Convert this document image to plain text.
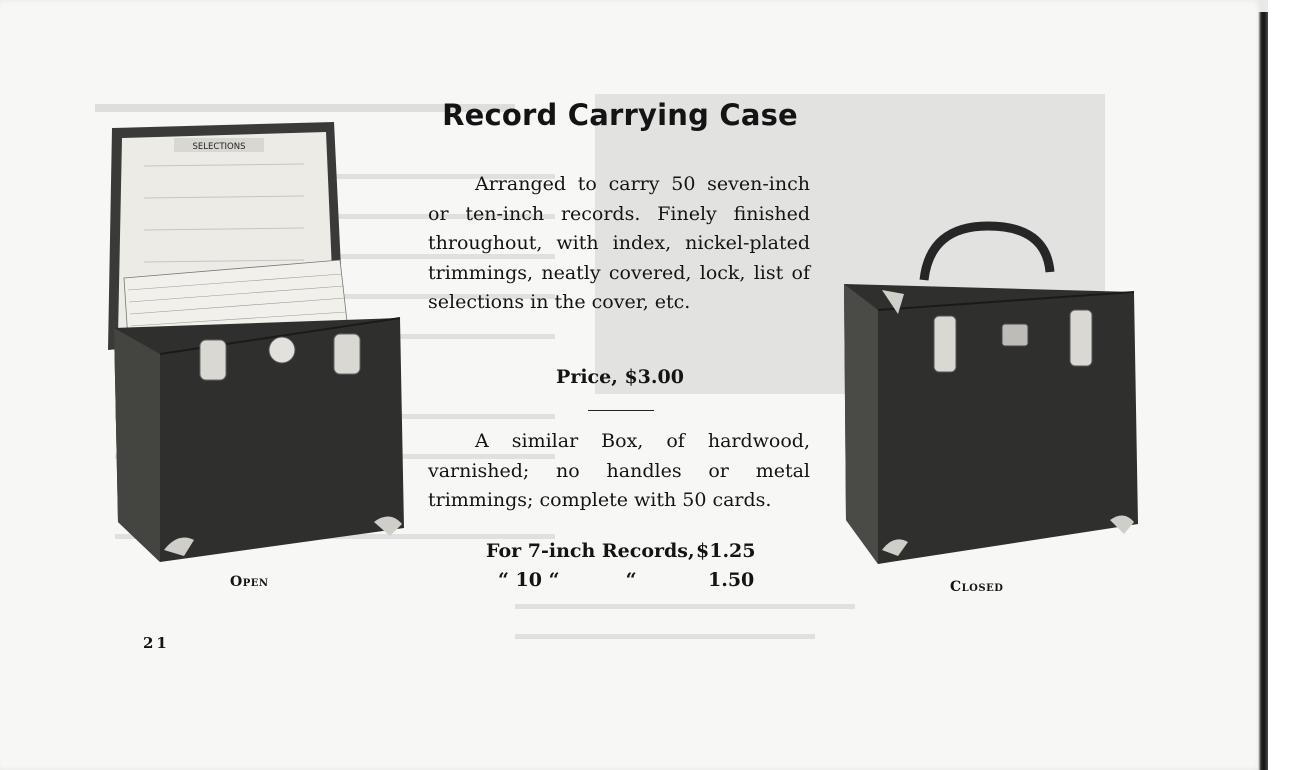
SELECTIONS
Record Carrying Case

Arranged to carry 50 seven-inch or ten-inch records. Finely finished throughout, with index, nickel-plated trimmings, neatly covered, lock, list of selections in the cover, etc.

Price, $3.00

A similar Box, of hardwood, varnished; no handles or metal trimmings; complete with 50 cards.

For 7-inch Records, $1.25
“ 10 “          “	1.50
Open	Closed
21
